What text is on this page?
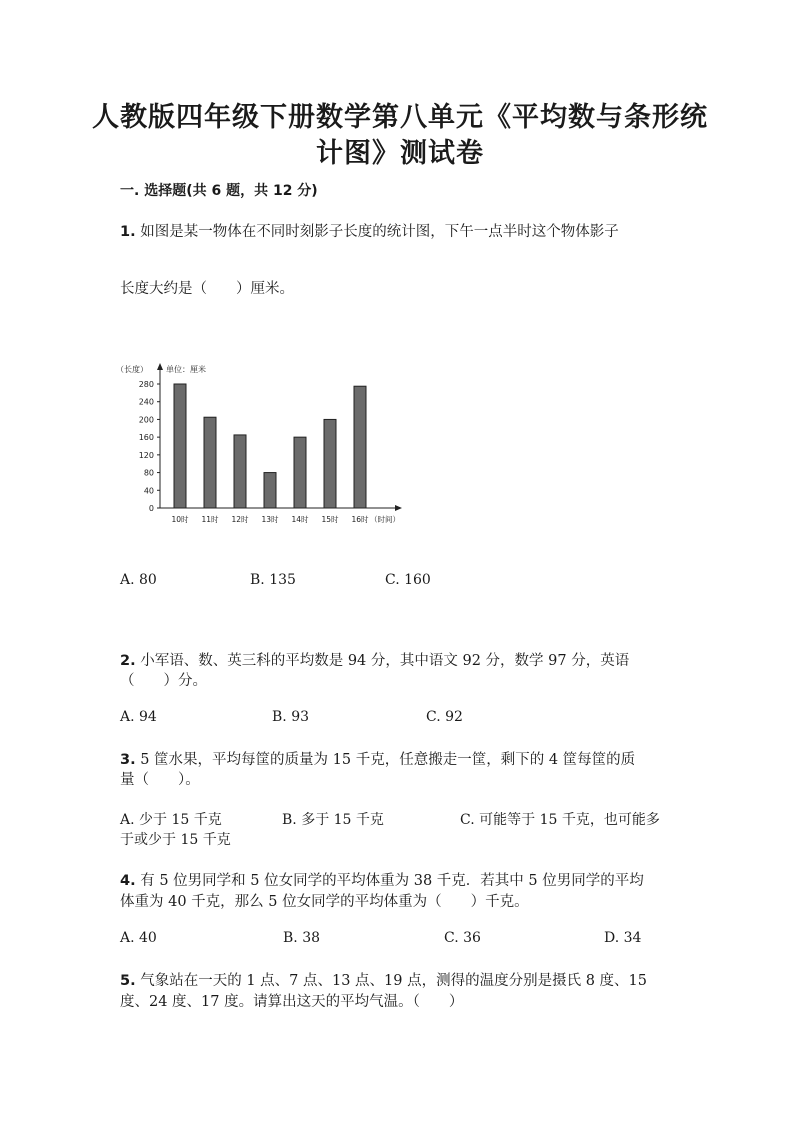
人教版四年级下册数学第八单元《平均数与条形统
计图》测试卷
一. 选择题(共 6 题，共 12 分)
1. 如图是某一物体在不同时刻影子长度的统计图，下午一点半时这个物体影子
长度大约是（　　）厘米。
（长度） 单位：厘米
0
40
80
120
160
200
240
280
10时 11时 12时 13时 14时 15时 16时 （时间）
A. 80	B. 135	C. 160
2. 小军语、数、英三科的平均数是 94 分，其中语文 92 分，数学 97 分，英语
（　　）分。
A. 94	B. 93	C. 92
3. 5 筐水果，平均每筐的质量为 15 千克，任意搬走一筐，剩下的 4 筐每筐的质
量（　　）。
A. 少于 15 千克	B. 多于 15 千克	C. 可能等于 15 千克，也可能多
于或少于 15 千克
4. 有 5 位男同学和 5 位女同学的平均体重为 38 千克．若其中 5 位男同学的平均
体重为 40 千克，那么 5 位女同学的平均体重为（　　）千克。
A. 40	B. 38	C. 36	D. 34
5. 气象站在一天的 1 点、7 点、13 点、19 点，测得的温度分别是摄氏 8 度、15
度、24 度、17 度。请算出这天的平均气温。（　　）
